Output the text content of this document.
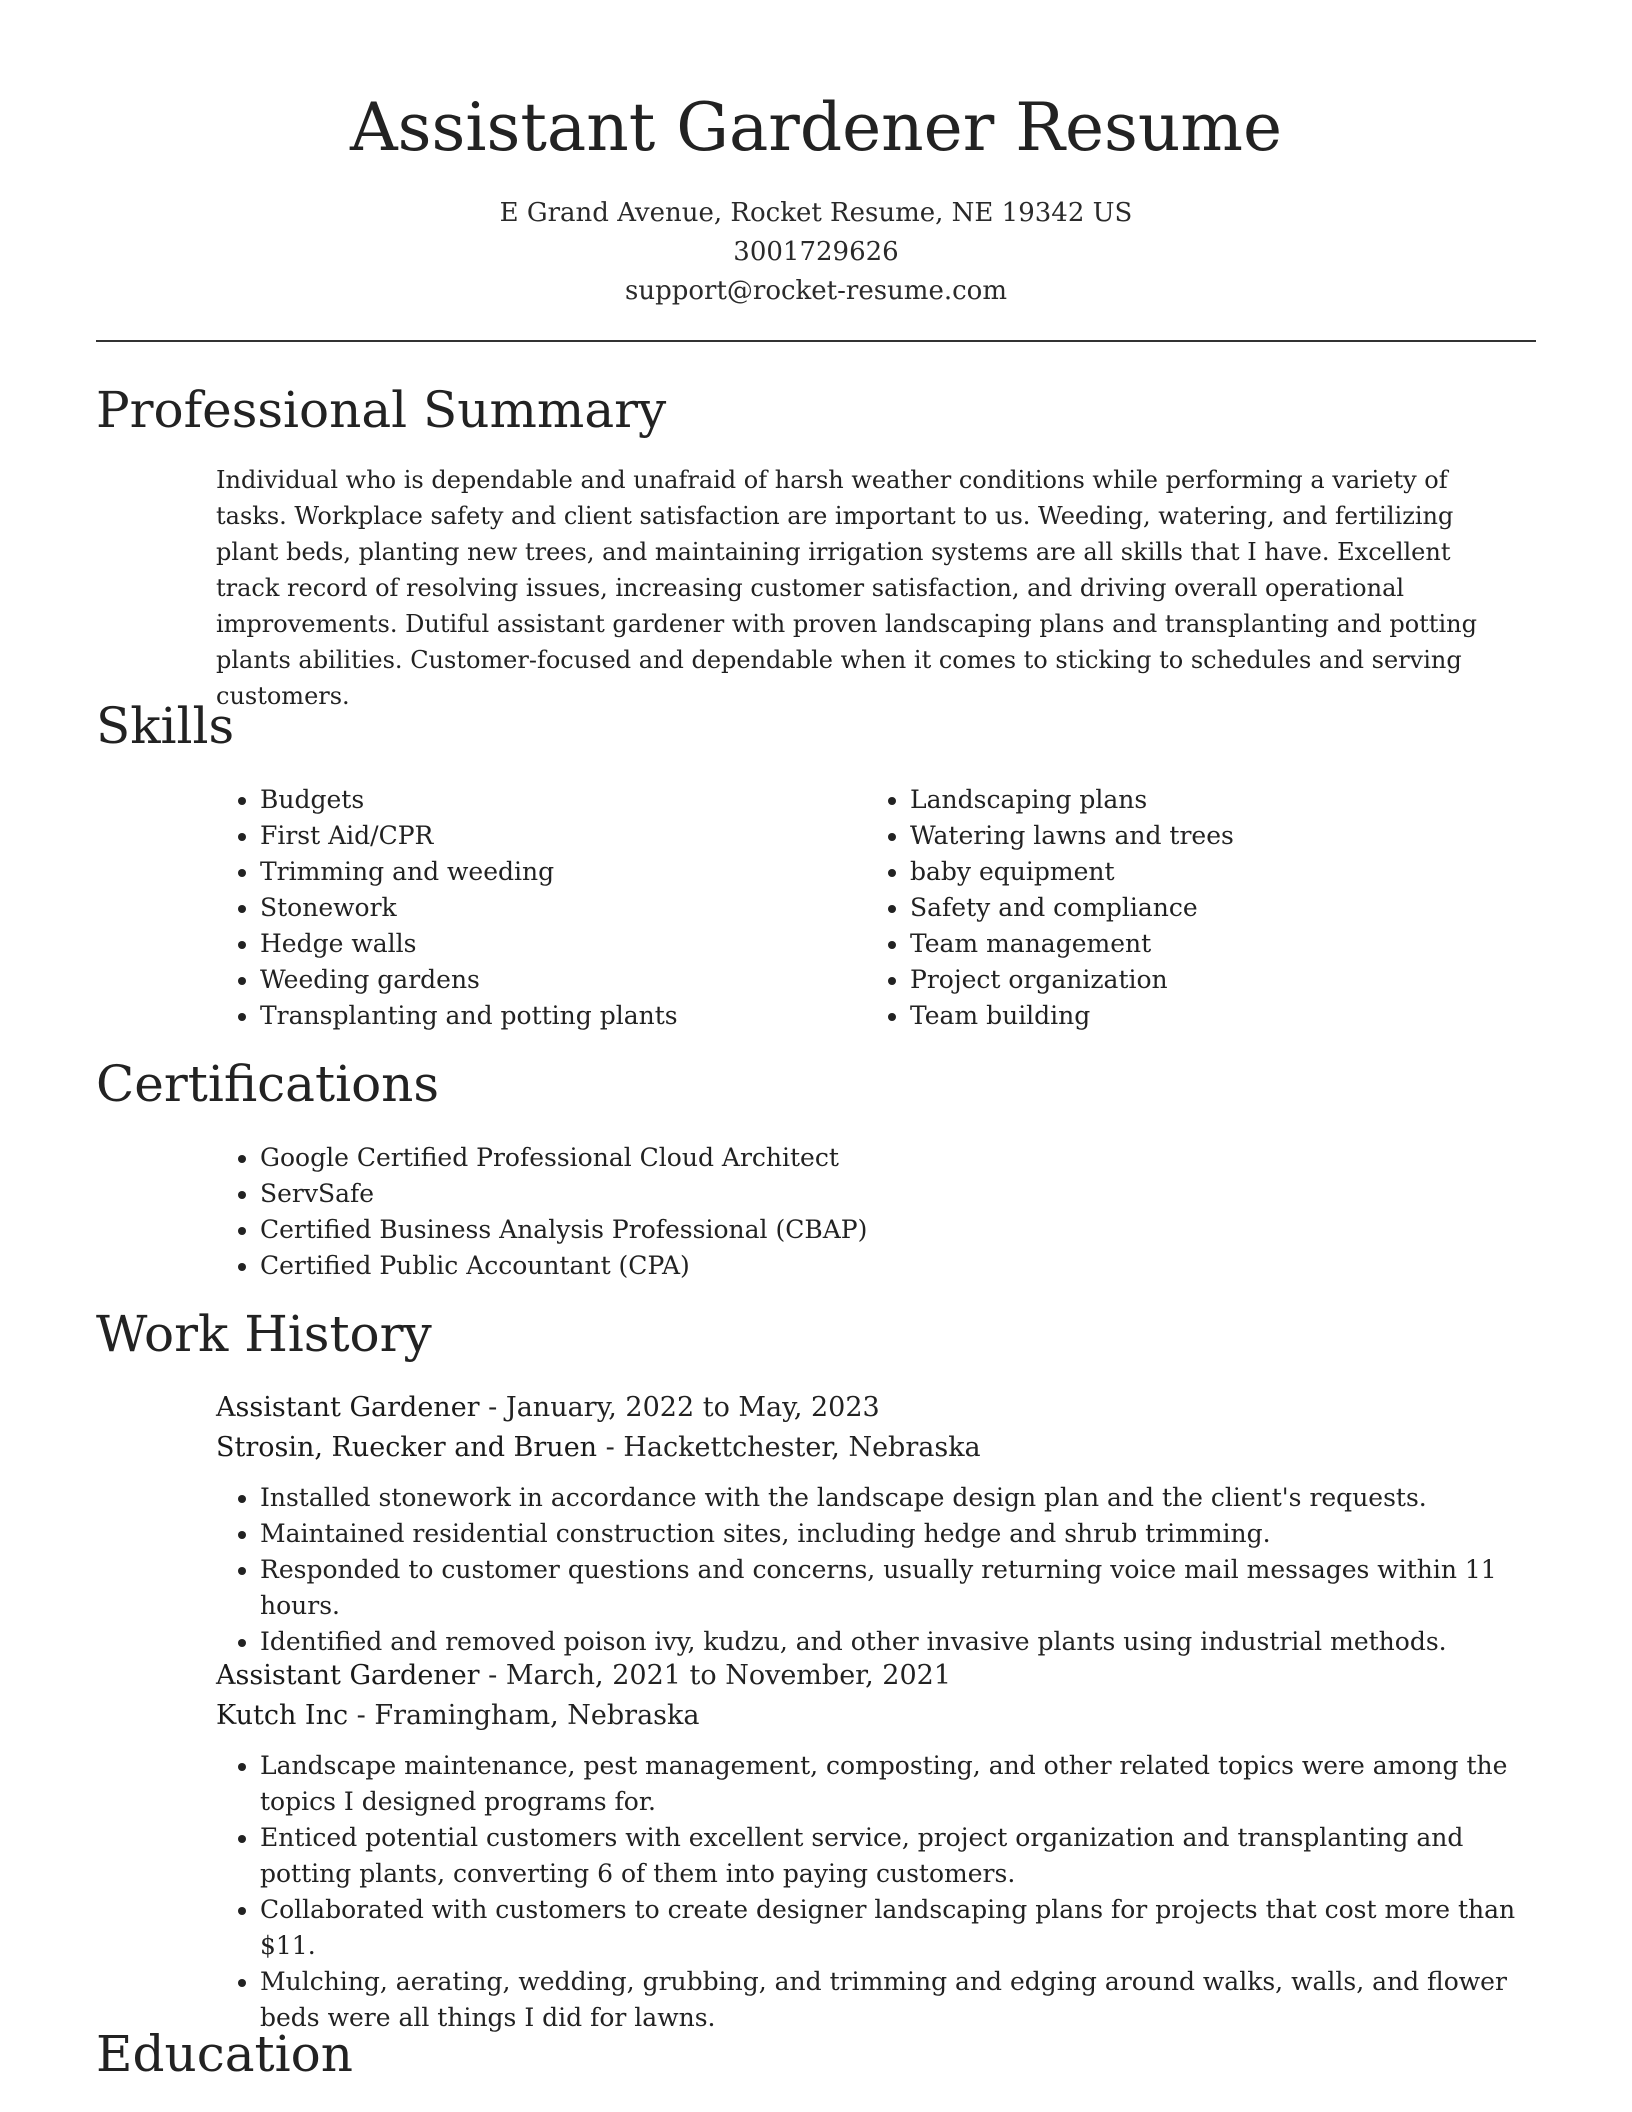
Assistant Gardener Resume
E Grand Avenue, Rocket Resume, NE 19342 US
3001729626
support@rocket-resume.com
Professional Summary

Individual who is dependable and unafraid of harsh weather conditions while performing a variety of tasks. Workplace safety and client satisfaction are important to us. Weeding, watering, and fertilizing plant beds, planting new trees, and maintaining irrigation systems are all skills that I have. Excellent track record of resolving issues, increasing customer satisfaction, and driving overall operational improvements. Dutiful assistant gardener with proven landscaping plans and transplanting and potting plants abilities. Customer-focused and dependable when it comes to sticking to schedules and serving customers.

Skills
• Budgets
• First Aid/CPR
• Trimming and weeding
• Stonework
• Hedge walls
• Weeding gardens
• Transplanting and potting plants
• Landscaping plans
• Watering lawns and trees
• baby equipment
• Safety and compliance
• Team management
• Project organization
• Team building
Certifications
• Google Certified Professional Cloud Architect
• ServSafe
• Certified Business Analysis Professional (CBAP)
• Certified Public Accountant (CPA)
Work History

Assistant Gardener - January, 2022 to May, 2023

Strosin, Ruecker and Bruen - Hackettchester, Nebraska

• Installed stonework in accordance with the landscape design plan and the client's requests.
• Maintained residential construction sites, including hedge and shrub trimming.
• Responded to customer questions and concerns, usually returning voice mail messages within 11 hours.
• Identified and removed poison ivy, kudzu, and other invasive plants using industrial methods.

Assistant Gardener - March, 2021 to November, 2021

Kutch Inc - Framingham, Nebraska

• Landscape maintenance, pest management, composting, and other related topics were among the topics I designed programs for.
• Enticed potential customers with excellent service, project organization and transplanting and potting plants, converting 6 of them into paying customers.
• Collaborated with customers to create designer landscaping plans for projects that cost more than $11.
• Mulching, aerating, wedding, grubbing, and trimming and edging around walks, walls, and flower beds were all things I did for lawns.
Education
